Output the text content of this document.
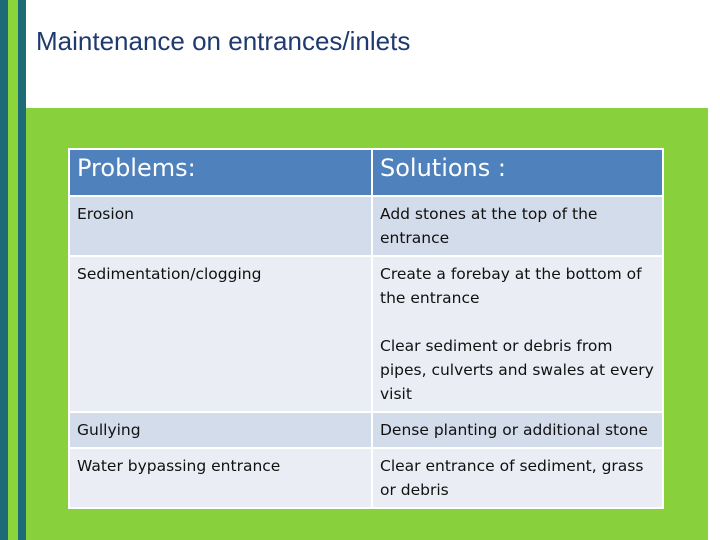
Maintenance on entrances/inlets
Problems:	Solutions :
Erosion	Add stones at the top of the entrance

Sedimentation/clogging	Create a forebay at the bottom of the entrance
Clear sediment or debris from pipes, culverts and swales at every visit

Gullying	Dense planting or additional stone

Water bypassing entrance	Clear entrance of sediment, grass or debris
